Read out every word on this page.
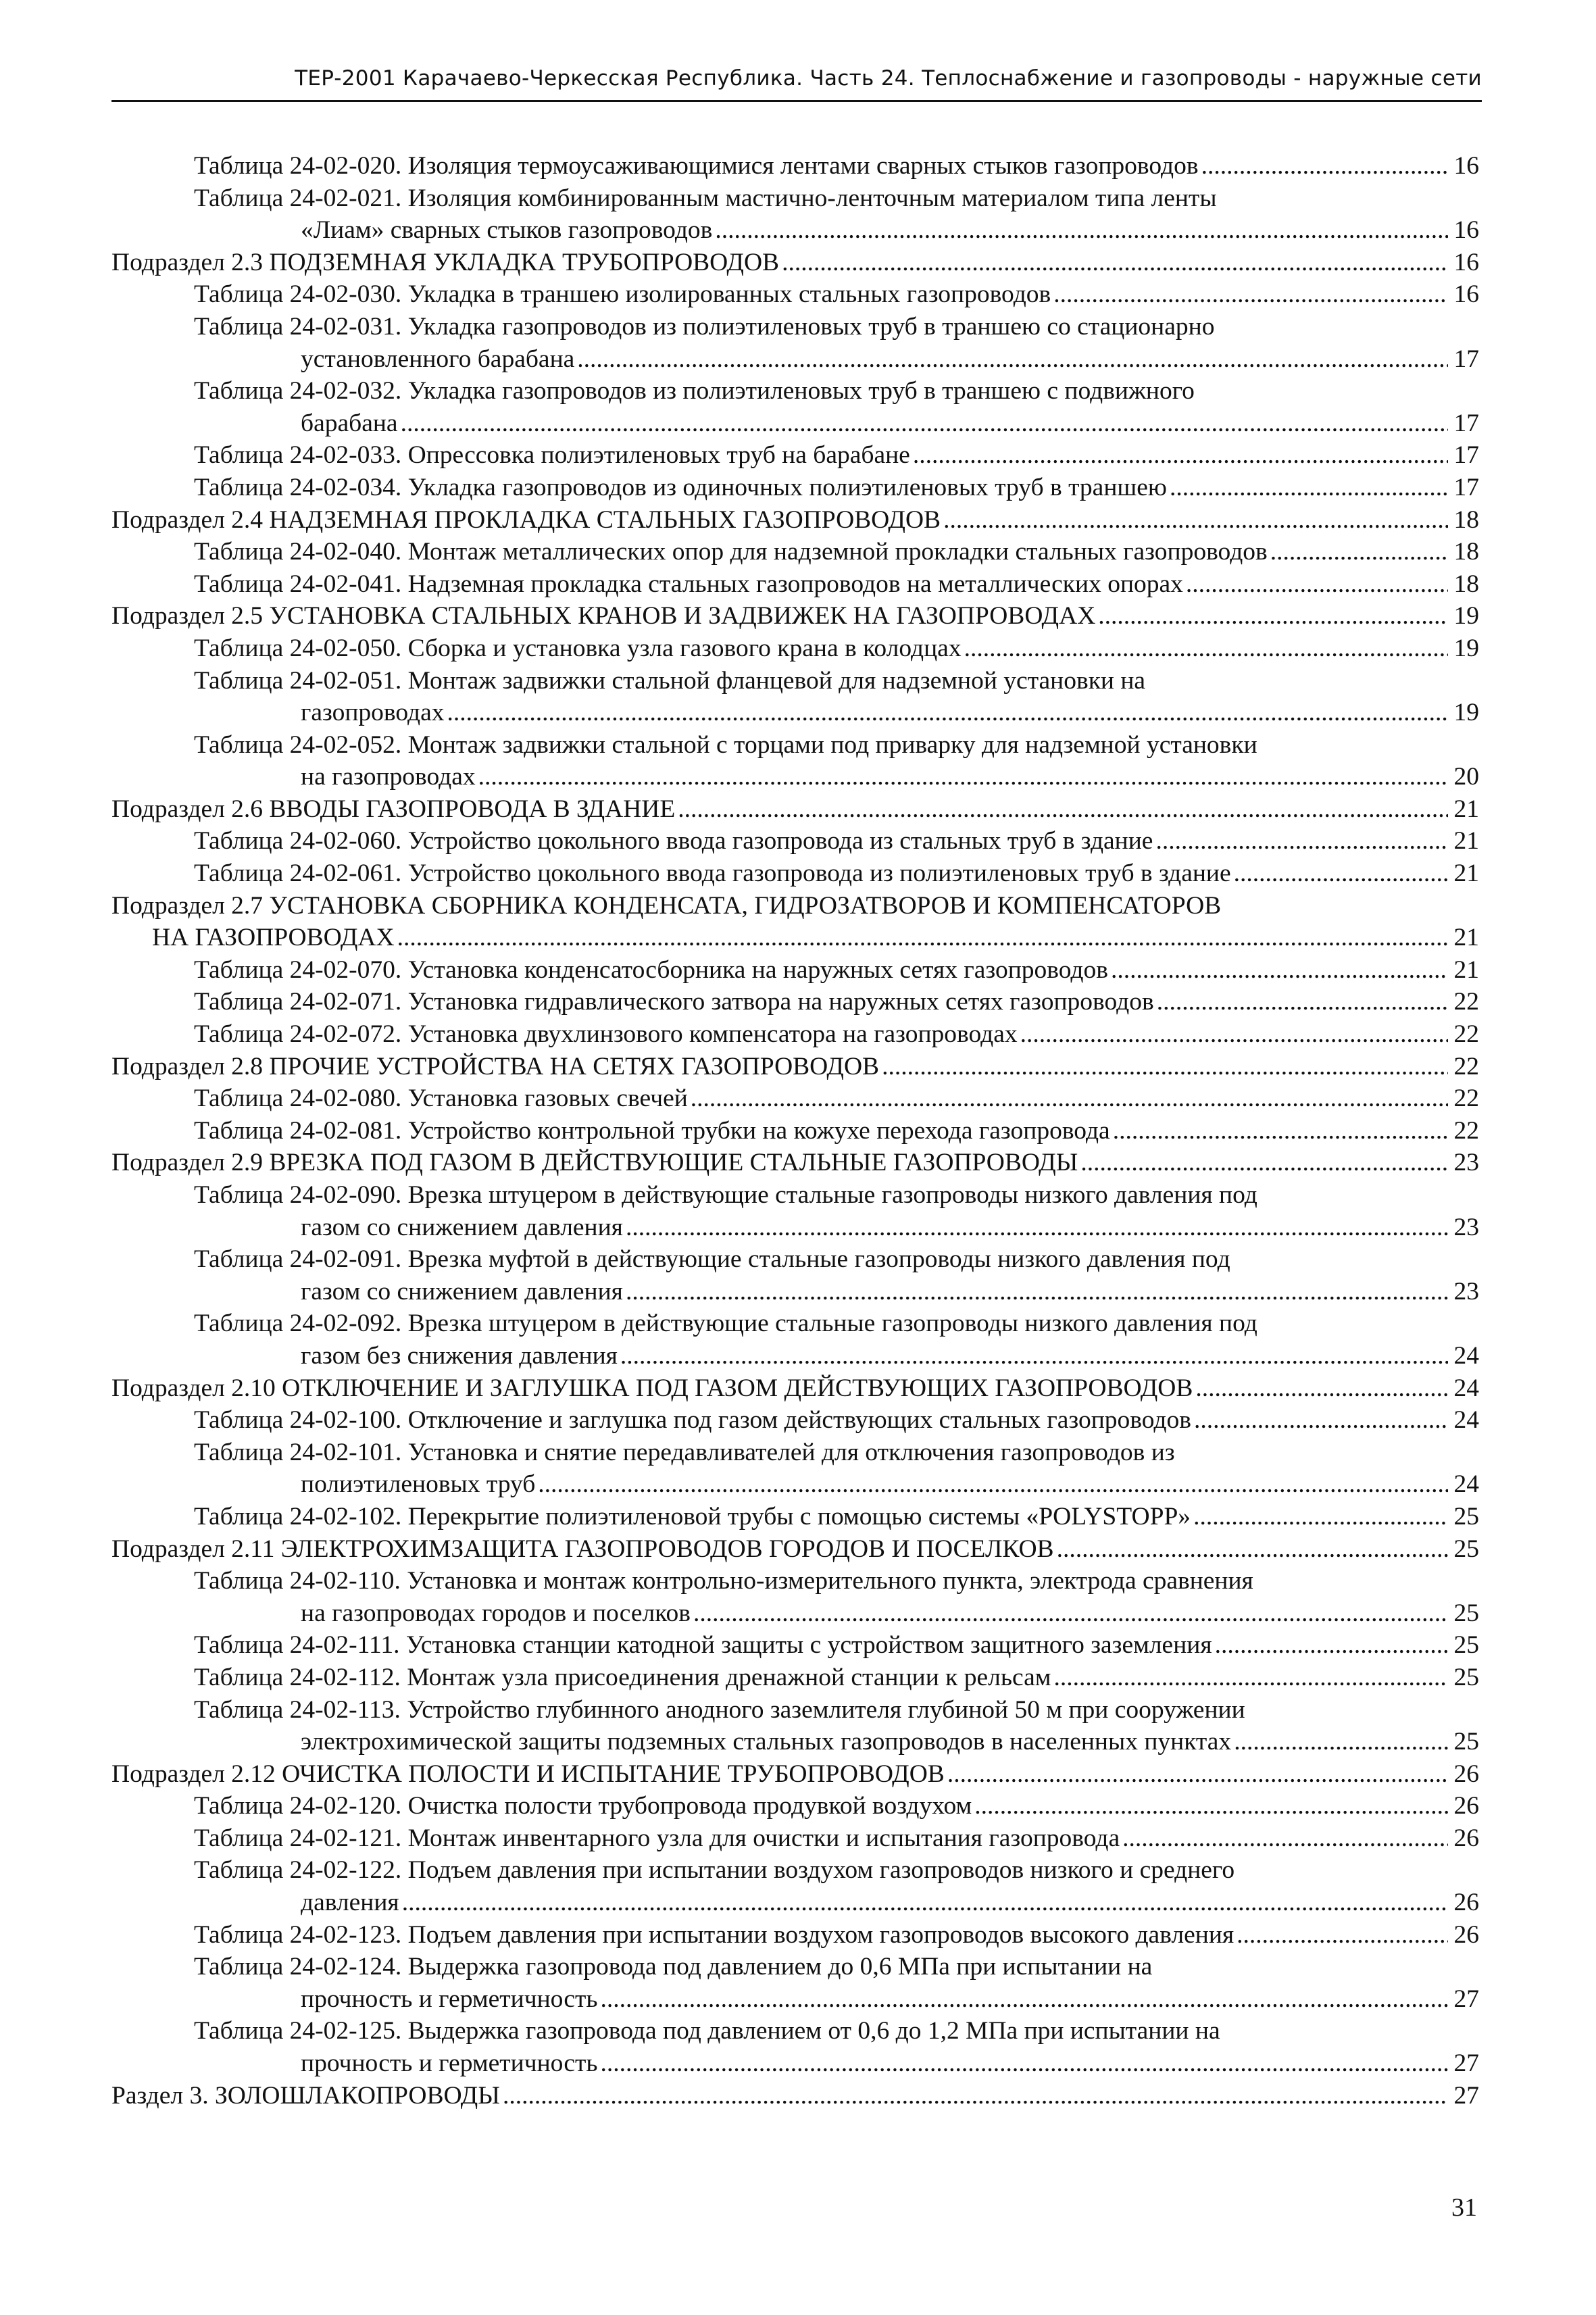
ТЕР-2001 Карачаево-Черкесская Республика. Часть 24. Теплоснабжение и газопроводы - наружные сети
Таблица 24-02-020. Изоляция термоусаживающимися лентами сварных стыков газопроводов .....	16
Таблица 24-02-021. Изоляция комбинированным мастично-ленточным материалом типа ленты
«Лиам» сварных стыков газопроводов .....	16
Подраздел 2.3 ПОДЗЕМНАЯ УКЛАДКА ТРУБОПРОВОДОВ .....	16
Таблица 24-02-030. Укладка в траншею изолированных стальных газопроводов .....	16
Таблица 24-02-031. Укладка газопроводов из полиэтиленовых труб в траншею со стационарно
установленного барабана .....	17
Таблица 24-02-032. Укладка газопроводов из полиэтиленовых труб в траншею с подвижного
барабана .....	17
Таблица 24-02-033. Опрессовка полиэтиленовых труб на барабане .....	17
Таблица 24-02-034. Укладка газопроводов из одиночных полиэтиленовых труб в траншею .....	17
Подраздел 2.4 НАДЗЕМНАЯ ПРОКЛАДКА СТАЛЬНЫХ ГАЗОПРОВОДОВ .....	18
Таблица 24-02-040. Монтаж металлических опор для надземной прокладки стальных газопроводов .....	18
Таблица 24-02-041. Надземная прокладка стальных газопроводов на металлических опорах .....	18
Подраздел 2.5 УСТАНОВКА СТАЛЬНЫХ КРАНОВ И ЗАДВИЖЕК НА ГАЗОПРОВОДАХ .....	19
Таблица 24-02-050. Сборка и установка узла газового крана в колодцах .....	19
Таблица 24-02-051. Монтаж задвижки стальной фланцевой для надземной установки на
газопроводах .....	19
Таблица 24-02-052. Монтаж задвижки стальной с торцами под приварку для надземной установки
на газопроводах .....	20
Подраздел 2.6 ВВОДЫ ГАЗОПРОВОДА В ЗДАНИЕ .....	21
Таблица 24-02-060. Устройство цокольного ввода газопровода из стальных труб в здание .....	21
Таблица 24-02-061. Устройство цокольного ввода газопровода из полиэтиленовых труб в здание .....	21
Подраздел 2.7 УСТАНОВКА СБОРНИКА КОНДЕНСАТА, ГИДРОЗАТВОРОВ И КОМПЕНСАТОРОВ
НА ГАЗОПРОВОДАХ .....	21
Таблица 24-02-070. Установка конденсатосборника на наружных сетях газопроводов .....	21
Таблица 24-02-071. Установка гидравлического затвора на наружных сетях газопроводов .....	22
Таблица 24-02-072. Установка двухлинзового компенсатора на газопроводах .....	22
Подраздел 2.8 ПРОЧИЕ УСТРОЙСТВА НА СЕТЯХ ГАЗОПРОВОДОВ .....	22
Таблица 24-02-080. Установка газовых свечей .....	22
Таблица 24-02-081. Устройство контрольной трубки на кожухе перехода газопровода .....	22
Подраздел 2.9 ВРЕЗКА ПОД ГАЗОМ В ДЕЙСТВУЮЩИЕ СТАЛЬНЫЕ ГАЗОПРОВОДЫ .....	23
Таблица 24-02-090. Врезка штуцером в действующие стальные газопроводы низкого давления под
газом со снижением давления .....	23
Таблица 24-02-091. Врезка муфтой в действующие стальные газопроводы низкого давления под
газом со снижением давления .....	23
Таблица 24-02-092. Врезка штуцером в действующие стальные газопроводы низкого давления под
газом без снижения давления .....	24
Подраздел 2.10 ОТКЛЮЧЕНИЕ И ЗАГЛУШКА ПОД ГАЗОМ ДЕЙСТВУЮЩИХ ГАЗОПРОВОДОВ .....	24
Таблица 24-02-100. Отключение и заглушка под газом действующих стальных газопроводов .....	24
Таблица 24-02-101. Установка и снятие передавливателей для отключения газопроводов из
полиэтиленовых труб .....	24
Таблица 24-02-102. Перекрытие полиэтиленовой трубы с помощью системы «POLYSTOPP» .....	25
Подраздел 2.11 ЭЛЕКТРОХИМЗАЩИТА ГАЗОПРОВОДОВ ГОРОДОВ И ПОСЕЛКОВ .....	25
Таблица 24-02-110. Установка и монтаж контрольно-измерительного пункта, электрода сравнения
на газопроводах городов и поселков .....	25
Таблица 24-02-111. Установка станции катодной защиты с устройством защитного заземления .....	25
Таблица 24-02-112. Монтаж узла присоединения дренажной станции к рельсам .....	25
Таблица 24-02-113. Устройство глубинного анодного заземлителя глубиной 50 м при сооружении
электрохимической защиты подземных стальных газопроводов в населенных пунктах .....	25
Подраздел 2.12 ОЧИСТКА ПОЛОСТИ И ИСПЫТАНИЕ ТРУБОПРОВОДОВ .....	26
Таблица 24-02-120. Очистка полости трубопровода продувкой воздухом .....	26
Таблица 24-02-121. Монтаж инвентарного узла для очистки и испытания газопровода .....	26
Таблица 24-02-122. Подъем давления при испытании воздухом газопроводов низкого и среднего
давления .....	26
Таблица 24-02-123. Подъем давления при испытании воздухом газопроводов высокого давления .....	26
Таблица 24-02-124. Выдержка газопровода под давлением до 0,6 МПа при испытании на
прочность и герметичность .....	27
Таблица 24-02-125. Выдержка газопровода под давлением от 0,6 до 1,2 МПа при испытании на
прочность и герметичность .....	27
Раздел 3. ЗОЛОШЛАКОПРОВОДЫ .....	27
31
